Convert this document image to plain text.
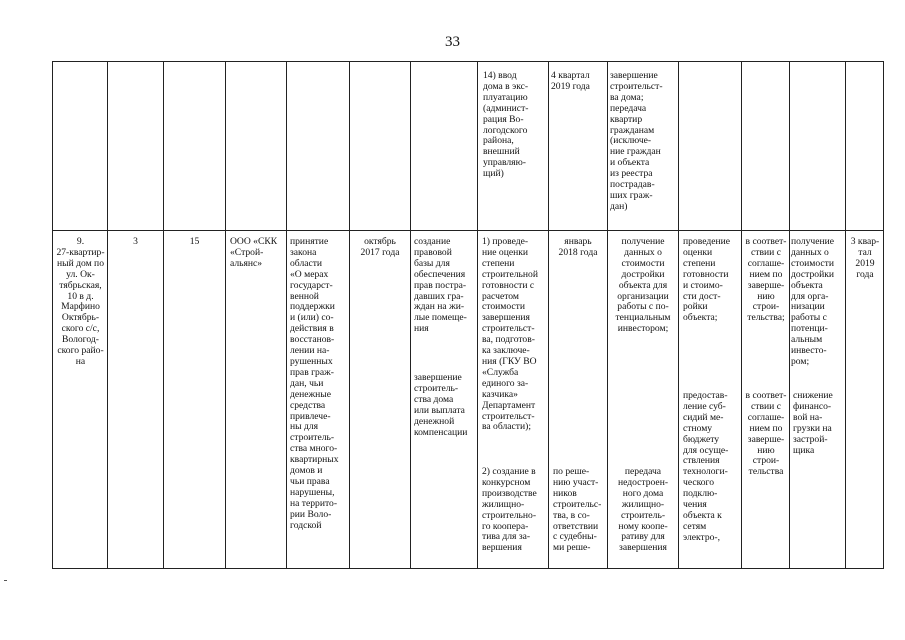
33
14) ввод
дома в экс-
плуатацию
(админист-
рация Во-
логодского
района,
внешний
управляю-
щий)
4 квартал
2019 года
завершение
строительст-
ва дома;
передача
квартир
гражданам
(исключе-
ние граждан
и объекта
из реестра
пострадав-
ших граж-
дан)
9.
27-квартир-
ный дом по
ул. Ок-
тябрьская,
10 в д.
Марфино
Октябрь-
ского с/с,
Вологод-
ского райо-
на
3	15	ООО «СКК
«Строй-
альянс»
принятие
закона
области
«О мерах
государст-
венной
поддержки
и (или) со-
действия в
восстанов-
лении на-
рушенных
прав граж-
дан, чьи
денежные
средства
привлече-
ны для
строитель-
ства много-
квартирных
домов и
чьи права
нарушены,
на террито-
рии Воло-
годской
октябрь
2017 года
создание
правовой
базы для
обеспечения
прав постра-
давших гра-
ждан на жи-
лые помеще-
ния
завершение
строитель-
ства дома
или выплата
денежной
компенсации
1) проведе-
ние оценки
степени
строительной
готовности с
расчетом
стоимости
завершения
строительст-
ва, подготов-
ка заключе-
ния (ГКУ ВО
«Служба
единого за-
казчика»
Департамент
строительст-
ва области);
2) создание в
конкурсном
производстве
жилищно-
строительно-
го коопера-
тива для за-
вершения
январь
2018 года
по реше-
нию участ-
ников
строительс-
тва, в со-
ответствии
с судебны-
ми реше-
получение
данных о
стоимости
достройки
объекта для
организации
работы с по-
тенциальным
инвестором;
передача
недостроен-
ного дома
жилищно-
строитель-
ному коопе-
ративу для
завершения
проведение
оценки
степени
готовности
и стоимо-
сти дост-
ройки
объекта;
предостав-
ление суб-
сидий ме-
стному
бюджету
для осуще-
ствления
технологи-
ческого
подклю-
чения
объекта к
сетям
электро-,
в соответ-
ствии с
соглаше-
нием по
заверше-
нию
строи-
тельства;
в соответ-
ствии с
соглаше-
нием по
заверше-
нию
строи-
тельства
получение
данных о
стоимости
достройки
объекта
для орга-
низации
работы с
потенци-
альным
инвесто-
ром;
снижение
финансо-
вой на-
грузки на
застрой-
щика
3 квар-
тал
2019
года
